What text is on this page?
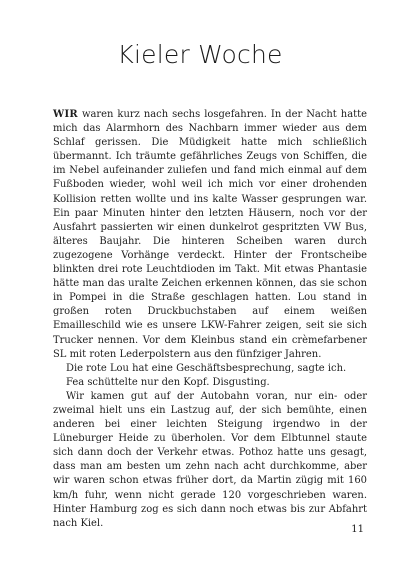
Kieler Woche

WIR waren kurz nach sechs losgefahren. In der Nacht hatte mich das Alarmhorn des Nachbarn immer wieder aus dem Schlaf gerissen. Die Müdigkeit hatte mich schließlich übermannt. Ich träumte gefährliches Zeugs von Schiffen, die im Nebel aufeinander zuliefen und fand mich einmal auf dem Fußboden wieder, wohl weil ich mich vor einer drohenden Kollision retten wollte und ins kalte Wasser gesprungen war. Ein paar Minuten hinter den letzten Häusern, noch vor der Ausfahrt passierten wir einen dunkelrot gespritzten VW Bus, älteres Baujahr. Die hinteren Scheiben waren durch zugezogene Vorhänge verdeckt. Hinter der Frontscheibe blinkten drei rote Leuchtdioden im Takt. Mit etwas Phantasie hätte man das uralte Zeichen erkennen können, das sie schon in Pompei in die Straße geschlagen hatten. Lou stand in großen roten Druckbuchstaben auf einem weißen Emailleschild wie es unsere LKW-Fahrer zeigen, seit sie sich Trucker nennen. Vor dem Kleinbus stand ein crèmefarbener SL mit roten Lederpolstern aus den fünfziger Jahren.

Die rote Lou hat eine Geschäftsbesprechung, sagte ich.

Fea schüttelte nur den Kopf. Disgusting.

Wir kamen gut auf der Autobahn voran, nur ein- oder zweimal hielt uns ein Lastzug auf, der sich bemühte, einen anderen bei einer leichten Steigung irgendwo in der Lüneburger Heide zu überholen. Vor dem Elbtunnel staute sich dann doch der Verkehr etwas. Pothoz hatte uns gesagt, dass man am besten um zehn nach acht durchkomme, aber wir waren schon etwas früher dort, da Martin zügig mit 160 km/h fuhr, wenn nicht gerade 120 vorgeschrieben waren. Hinter Hamburg zog es sich dann noch etwas bis zur Abfahrt nach Kiel.

11
